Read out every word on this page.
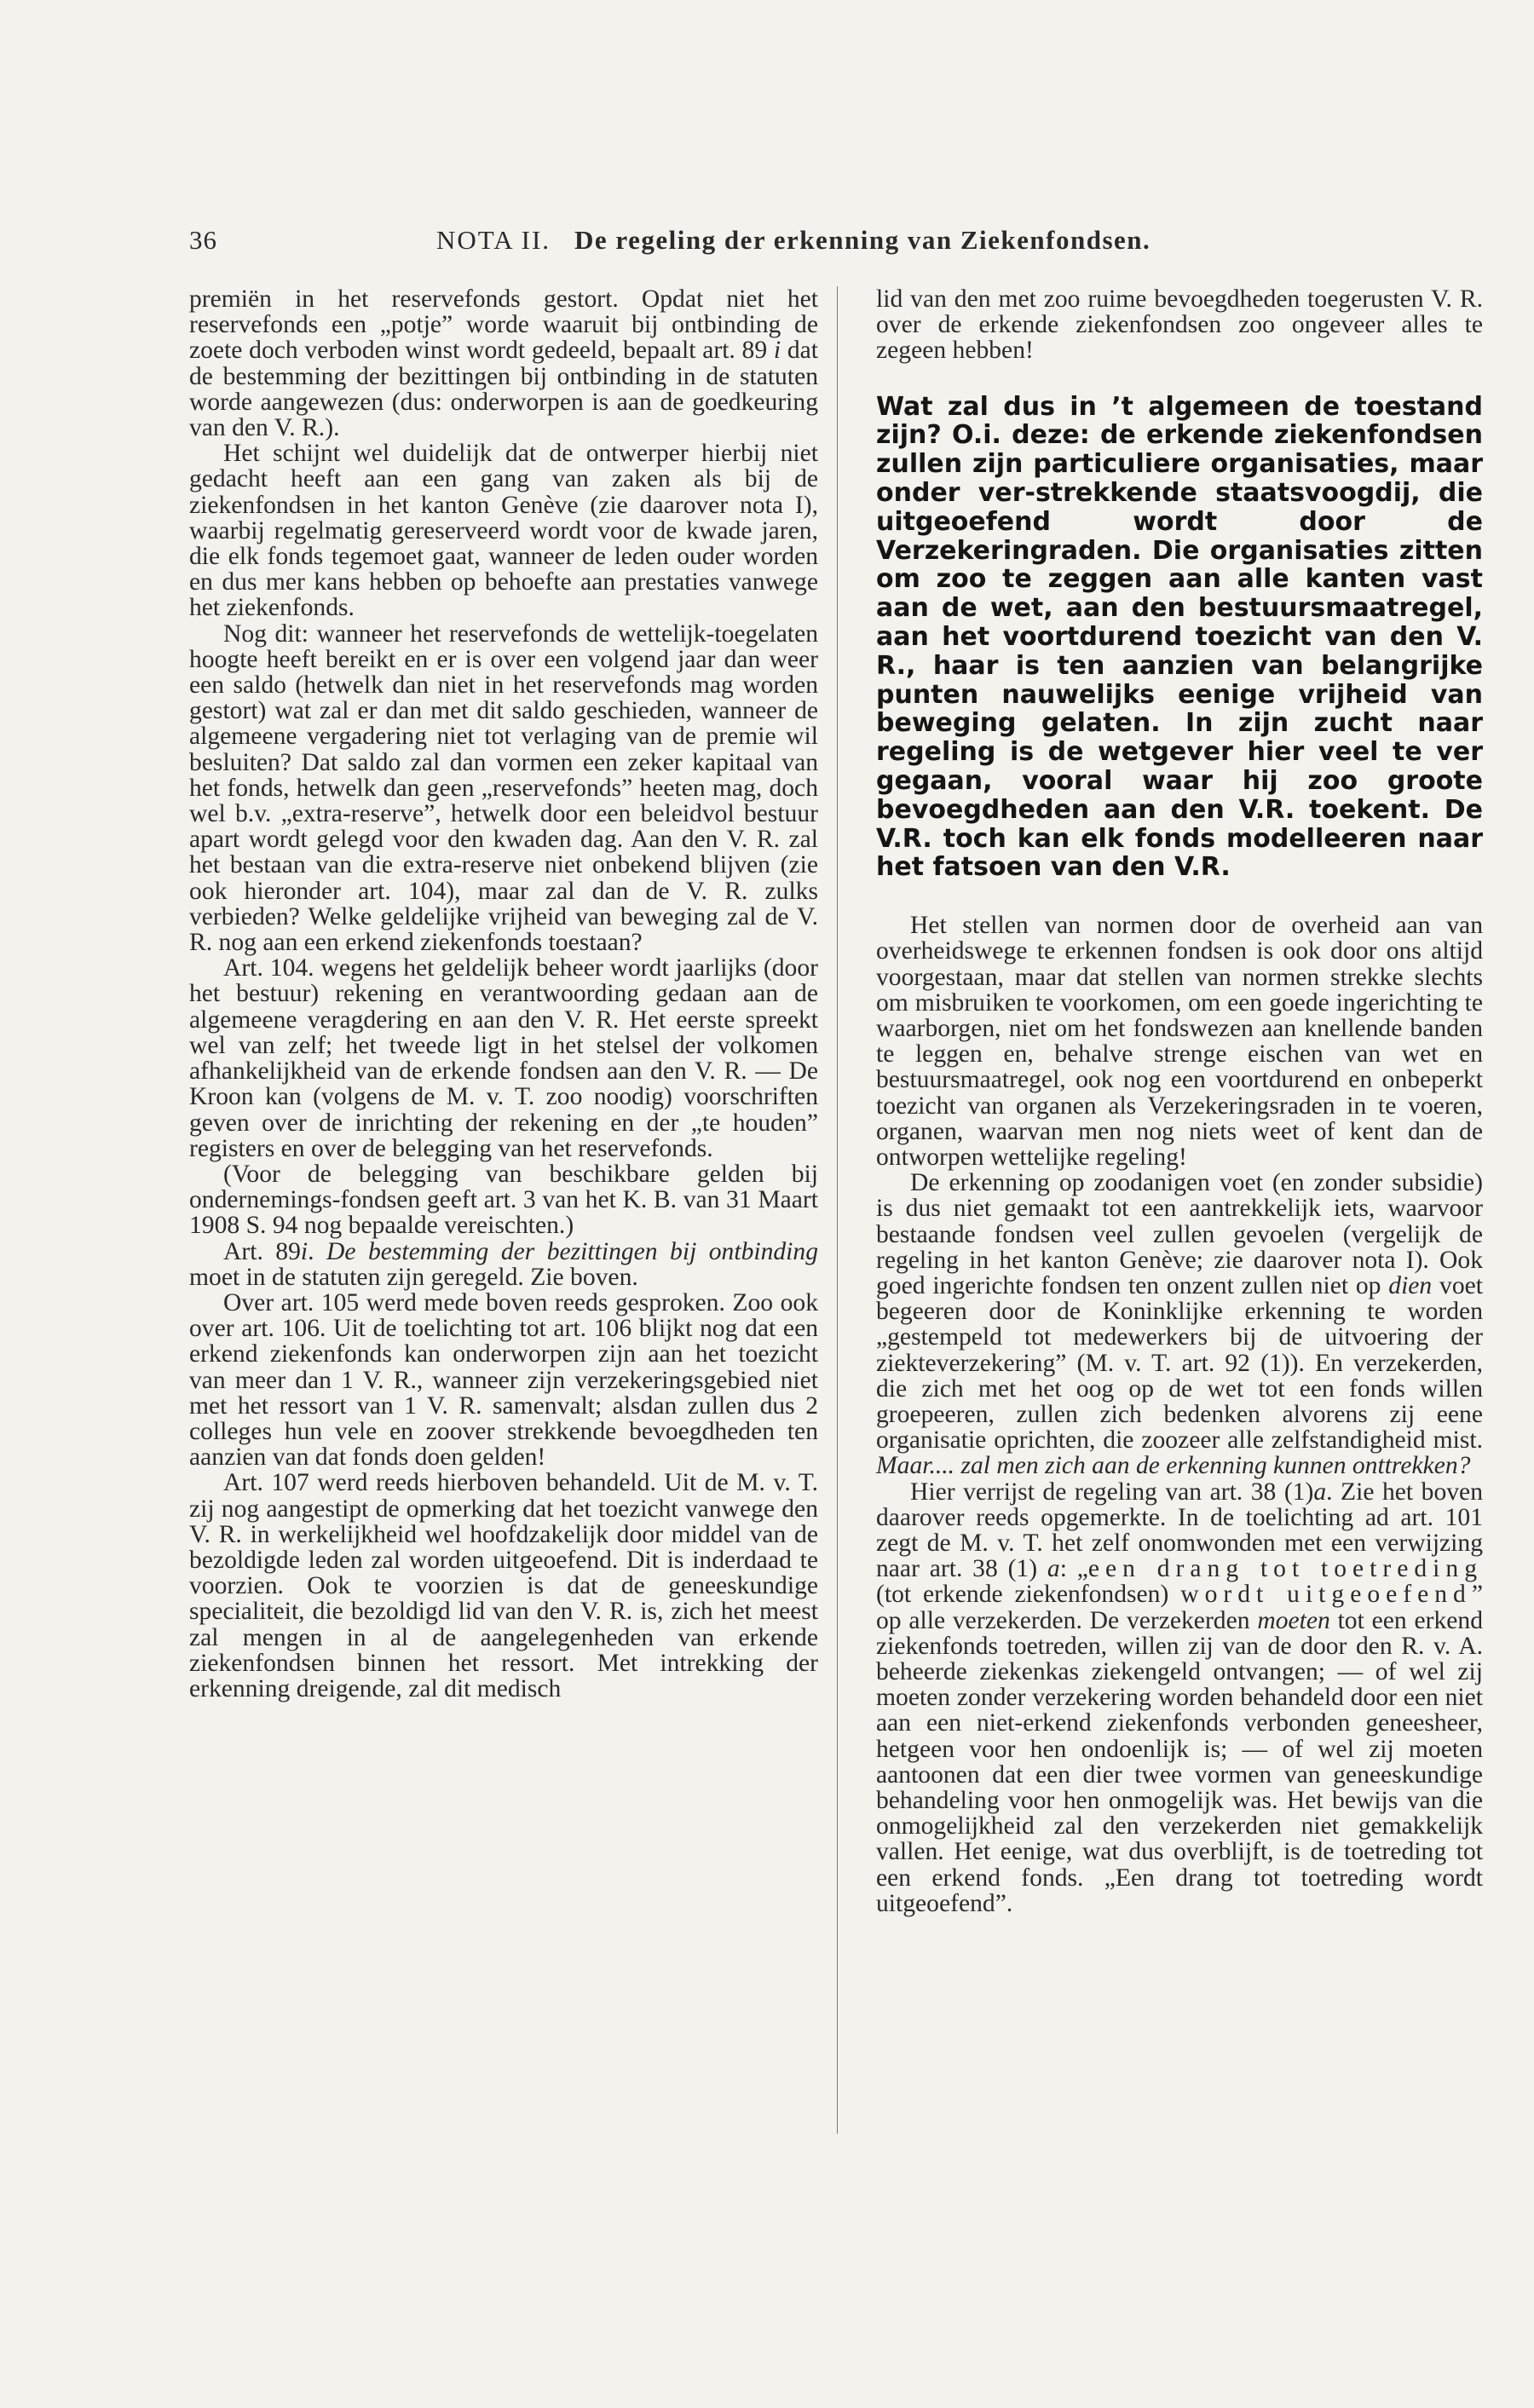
36	NOTA II. De regeling der erkenning van Ziekenfondsen.

premiën in het reservefonds gestort. Opdat niet het reservefonds een „potje” worde waaruit bij ontbinding de zoete doch verboden winst wordt gedeeld, bepaalt art. 89 i dat de bestemming der bezittingen bij ontbinding in de statuten worde aangewezen (dus: onderworpen is aan de goedkeuring van den V. R.).

Het schijnt wel duidelijk dat de ontwerper hierbij niet gedacht heeft aan een gang van zaken als bij de ziekenfondsen in het kanton Genève (zie daarover nota I), waarbij regelmatig gereserveerd wordt voor de kwade jaren, die elk fonds tegemoet gaat, wanneer de leden ouder worden en dus mer kans hebben op behoefte aan prestaties vanwege het ziekenfonds.

Nog dit: wanneer het reservefonds de wettelijk-toegelaten hoogte heeft bereikt en er is over een volgend jaar dan weer een saldo (hetwelk dan niet in het reservefonds mag worden gestort) wat zal er dan met dit saldo geschieden, wanneer de algemeene vergadering niet tot verlaging van de premie wil besluiten? Dat saldo zal dan vormen een zeker kapitaal van het fonds, hetwelk dan geen „reservefonds” heeten mag, doch wel b.v. „extra-reserve”, hetwelk door een beleidvol bestuur apart wordt gelegd voor den kwaden dag. Aan den V. R. zal het bestaan van die extra-reserve niet onbekend blijven (zie ook hieronder art. 104), maar zal dan de V. R. zulks verbieden? Welke geldelijke vrijheid van beweging zal de V. R. nog aan een erkend ziekenfonds toestaan?

Art. 104. wegens het geldelijk beheer wordt jaarlijks (door het bestuur) rekening en verantwoording gedaan aan de algemeene veragdering en aan den V. R. Het eerste spreekt wel van zelf; het tweede ligt in het stelsel der volkomen afhankelijkheid van de erkende fondsen aan den V. R. — De Kroon kan (volgens de M. v. T. zoo noodig) voorschriften geven over de inrichting der rekening en der „te houden” registers en over de belegging van het reservefonds.

(Voor de belegging van beschikbare gelden bij ondernemings-fondsen geeft art. 3 van het K. B. van 31 Maart 1908 S. 94 nog bepaalde vereischten.)

Art. 89i. De bestemming der bezittingen bij ontbinding moet in de statuten zijn geregeld. Zie boven.

Over art. 105 werd mede boven reeds gesproken. Zoo ook over art. 106. Uit de toelichting tot art. 106 blijkt nog dat een erkend ziekenfonds kan onderworpen zijn aan het toezicht van meer dan 1 V. R., wanneer zijn verzekeringsgebied niet met het ressort van 1 V. R. samenvalt; alsdan zullen dus 2 colleges hun vele en zoover strekkende bevoegdheden ten aanzien van dat fonds doen gelden!

Art. 107 werd reeds hierboven behandeld. Uit de M. v. T. zij nog aangestipt de opmerking dat het toezicht vanwege den V. R. in werkelijkheid wel hoofdzakelijk door middel van de bezoldigde leden zal worden uitgeoefend. Dit is inderdaad te voorzien. Ook te voorzien is dat de geneeskundige specialiteit, die bezoldigd lid van den V. R. is, zich het meest zal mengen in al de aangelegenheden van erkende ziekenfondsen binnen het ressort. Met intrekking der erkenning dreigende, zal dit medisch

lid van den met zoo ruime bevoegdheden toegerusten V. R. over de erkende ziekenfondsen zoo ongeveer alles te zegeen hebben!

Wat zal dus in ’t algemeen de toestand zijn? O.i. deze: de erkende ziekenfondsen zullen zijn particuliere organisaties, maar onder ver-strekkende staatsvoogdij, die uitgeoefend wordt door de Verzekeringraden. Die organisaties zitten om zoo te zeggen aan alle kanten vast aan de wet, aan den bestuursmaatregel, aan het voortdurend toezicht van den V. R., haar is ten aanzien van belangrijke punten nauwelijks eenige vrijheid van beweging gelaten. In zijn zucht naar regeling is de wetgever hier veel te ver gegaan, vooral waar hij zoo groote bevoegdheden aan den V.R. toekent. De V.R. toch kan elk fonds modelleeren naar het fatsoen van den V.R.

Het stellen van normen door de overheid aan van overheidswege te erkennen fondsen is ook door ons altijd voorgestaan, maar dat stellen van normen strekke slechts om misbruiken te voorkomen, om een goede ingerichting te waarborgen, niet om het fondswezen aan knellende banden te leggen en, behalve strenge eischen van wet en bestuursmaatregel, ook nog een voortdurend en onbeperkt toezicht van organen als Verzekeringsraden in te voeren, organen, waarvan men nog niets weet of kent dan de ontworpen wettelijke regeling!

De erkenning op zoodanigen voet (en zonder subsidie) is dus niet gemaakt tot een aantrekkelijk iets, waarvoor bestaande fondsen veel zullen gevoelen (vergelijk de regeling in het kanton Genève; zie daarover nota I). Ook goed ingerichte fondsen ten onzent zullen niet op dien voet begeeren door de Koninklijke erkenning te worden „gestempeld tot medewerkers bij de uitvoering der ziekteverzekering” (M. v. T. art. 92 (1)). En verzekerden, die zich met het oog op de wet tot een fonds willen groepeeren, zullen zich bedenken alvorens zij eene organisatie oprichten, die zoozeer alle zelfstandigheid mist. Maar.... zal men zich aan de erkenning kunnen onttrekken?

Hier verrijst de regeling van art. 38 (1)a. Zie het boven daarover reeds opgemerkte. In de toelichting ad art. 101 zegt de M. v. T. het zelf onomwonden met een verwijzing naar art. 38 (1) a: „een drang tot toetreding (tot erkende ziekenfondsen) wordt uitgeoefend” op alle verzekerden. De verzekerden moeten tot een erkend ziekenfonds toetreden, willen zij van de door den R. v. A. beheerde ziekenkas ziekengeld ontvangen; — of wel zij moeten zonder verzekering worden behandeld door een niet aan een niet-erkend ziekenfonds verbonden geneesheer, hetgeen voor hen ondoenlijk is; — of wel zij moeten aantoonen dat een dier twee vormen van geneeskundige behandeling voor hen onmogelijk was. Het bewijs van die onmogelijkheid zal den verzekerden niet gemakkelijk vallen. Het eenige, wat dus overblijft, is de toetreding tot een erkend fonds. „Een drang tot toetreding wordt uitgeoefend”.
